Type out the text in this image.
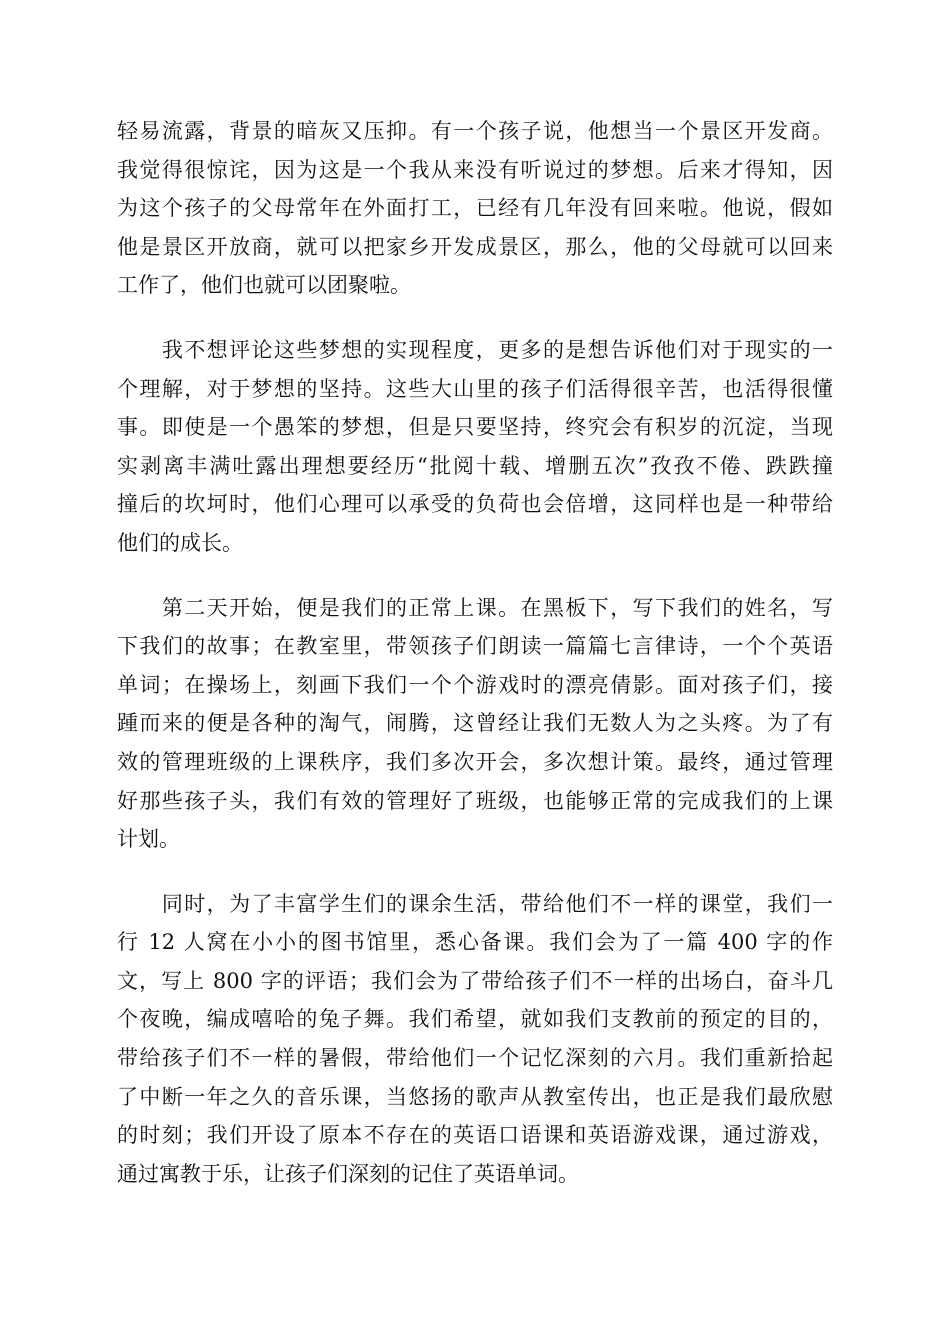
轻易流露，背景的暗灰又压抑。有一个孩子说，他想当一个景区开发商。
我觉得很惊诧，因为这是一个我从来没有听说过的梦想。后来才得知，因
为这个孩子的父母常年在外面打工，已经有几年没有回来啦。他说，假如
他是景区开放商，就可以把家乡开发成景区，那么，他的父母就可以回来
工作了，他们也就可以团聚啦。

　　我不想评论这些梦想的实现程度，更多的是想告诉他们对于现实的一
个理解，对于梦想的坚持。这些大山里的孩子们活得很辛苦，也活得很懂
事。即使是一个愚笨的梦想，但是只要坚持，终究会有积岁的沉淀，当现
实剥离丰满吐露出理想要经历“批阅十载、增删五次”孜孜不倦、跌跌撞
撞后的坎坷时，他们心理可以承受的负荷也会倍增，这同样也是一种带给
他们的成长。

　　第二天开始，便是我们的正常上课。在黑板下，写下我们的姓名，写
下我们的故事；在教室里，带领孩子们朗读一篇篇七言律诗，一个个英语
单词；在操场上，刻画下我们一个个游戏时的漂亮倩影。面对孩子们，接
踵而来的便是各种的淘气，闹腾，这曾经让我们无数人为之头疼。为了有
效的管理班级的上课秩序，我们多次开会，多次想计策。最终，通过管理
好那些孩子头，我们有效的管理好了班级，也能够正常的完成我们的上课
计划。

　　同时，为了丰富学生们的课余生活，带给他们不一样的课堂，我们一
行 12 人窝在小小的图书馆里，悉心备课。我们会为了一篇 400 字的作
文，写上 800 字的评语；我们会为了带给孩子们不一样的出场白，奋斗几
个夜晚，编成嘻哈的兔子舞。我们希望，就如我们支教前的预定的目的，
带给孩子们不一样的暑假，带给他们一个记忆深刻的六月。我们重新拾起
了中断一年之久的音乐课，当悠扬的歌声从教室传出，也正是我们最欣慰
的时刻；我们开设了原本不存在的英语口语课和英语游戏课，通过游戏，
通过寓教于乐，让孩子们深刻的记住了英语单词。
